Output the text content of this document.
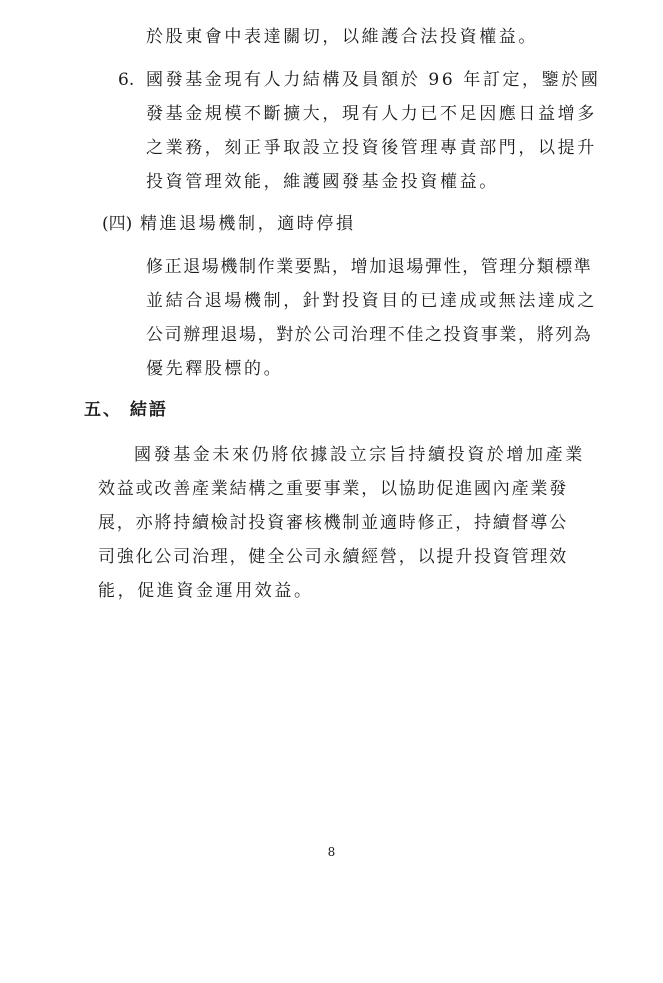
於股東會中表達關切，以維護合法投資權益。
6. 國發基金現有人力結構及員額於 96 年訂定，鑒於國
發基金規模不斷擴大，現有人力已不足因應日益增多
之業務，刻正爭取設立投資後管理專責部門，以提升
投資管理效能，維護國發基金投資權益。
(四) 精進退場機制，適時停損
修正退場機制作業要點，增加退場彈性，管理分類標準
並結合退場機制，針對投資目的已達成或無法達成之
公司辦理退場，對於公司治理不佳之投資事業，將列為
優先釋股標的。
五、 結語
國發基金未來仍將依據設立宗旨持續投資於增加產業
效益或改善產業結構之重要事業，以協助促進國內產業發
展，亦將持續檢討投資審核機制並適時修正，持續督導公
司強化公司治理，健全公司永續經營，以提升投資管理效
能，促進資金運用效益。
8
